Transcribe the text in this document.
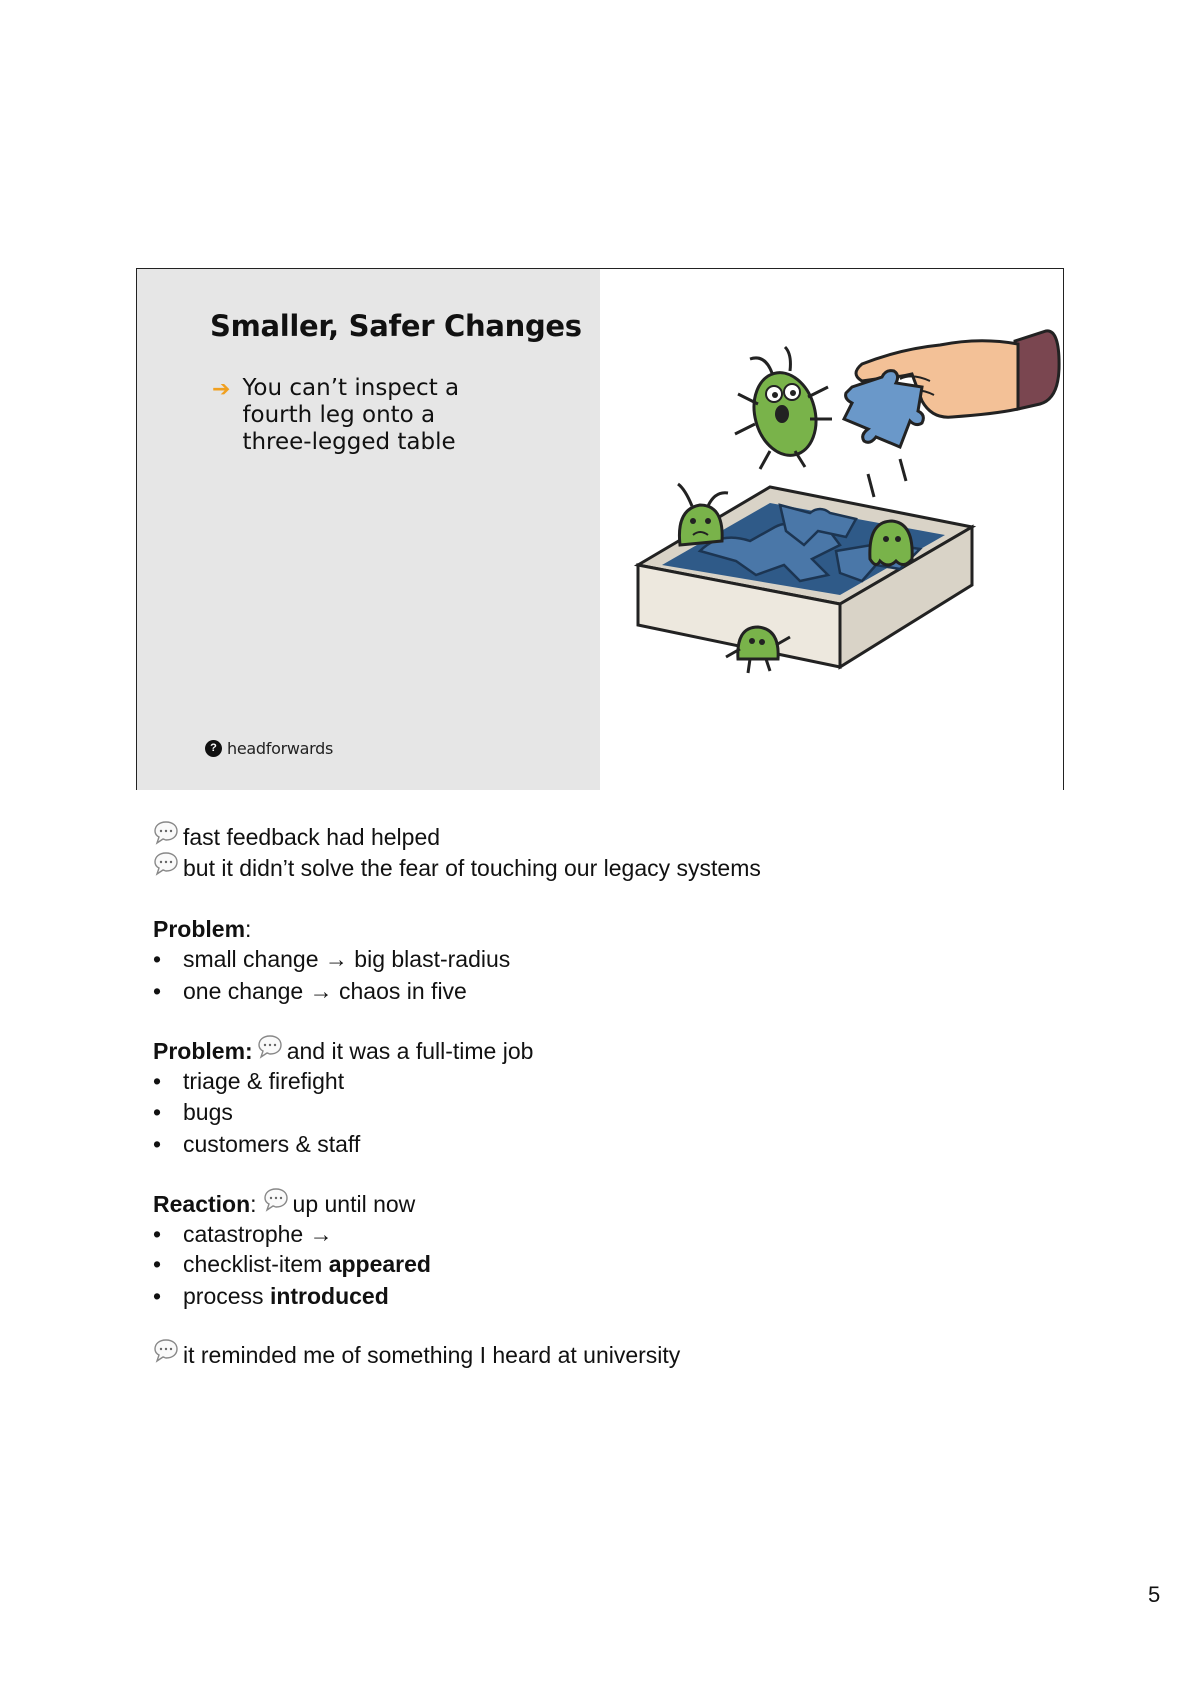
Smaller, Safer Changes
➔ You can’t inspect a fourth leg onto a three-legged table
? headforwards
fast feedback had helped
but it didn’t solve the fear of touching our legacy systems
Problem :
• small change → big blast-radius
• one change → chaos in five
Problem : and it was a full-time job
• triage & firefight
• bugs
• customers & staff
Reaction : up until now
• catastrophe →
• checklist-item appeared
• process introduced
it reminded me of something I heard at university
5
